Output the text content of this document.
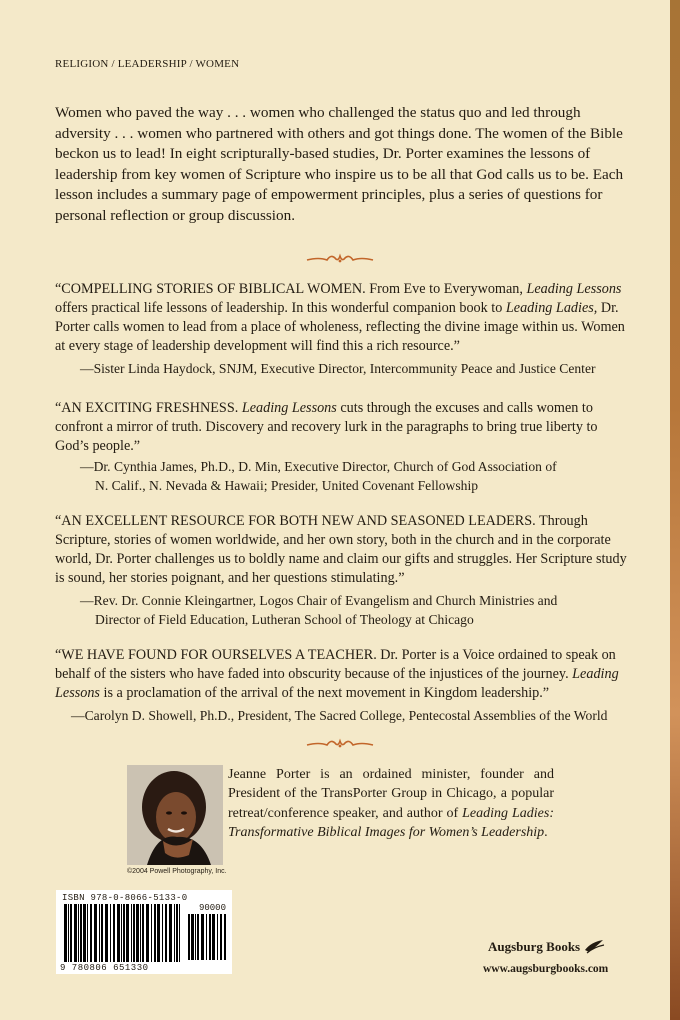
RELIGION / LEADERSHIP / WOMEN

Women who paved the way . . . women who challenged the status quo and led through adversity . . . women who partnered with others and got things done. The women of the Bible beckon us to lead! In eight scripturally-based studies, Dr. Porter examines the lessons of leadership from key women of Scripture who inspire us to be all that God calls us to be. Each lesson includes a summary page of empowerment principles, plus a series of questions for personal reflection or group discussion.

“COMPELLING STORIES OF BIBLICAL WOMEN. From Eve to Everywoman, Leading Lessons offers practical life lessons of leadership. In this wonderful companion book to Leading Ladies, Dr. Porter calls women to lead from a place of wholeness, reflecting the divine image within us. Women at every stage of leadership development will find this a rich resource.”

—Sister Linda Haydock, SNJM, Executive Director, Intercommunity Peace and Justice Center

“AN EXCITING FRESHNESS. Leading Lessons cuts through the excuses and calls women to confront a mirror of truth. Discovery and recovery lurk in the paragraphs to bring true liberty to God’s people.”

—Dr. Cynthia James, Ph.D., D. Min, Executive Director, Church of God Association of
N. Calif., N. Nevada & Hawaii; Presider, United Covenant Fellowship

“AN EXCELLENT RESOURCE FOR BOTH NEW AND SEASONED LEADERS. Through Scripture, stories of women worldwide, and her own story, both in the church and in the corporate world, Dr. Porter challenges us to boldly name and claim our gifts and struggles. Her Scripture study is sound, her stories poignant, and her questions stimulating.”

—Rev. Dr. Connie Kleingartner, Logos Chair of Evangelism and Church Ministries and
Director of Field Education, Lutheran School of Theology at Chicago

“WE HAVE FOUND FOR OURSELVES A TEACHER. Dr. Porter is a Voice ordained to speak on behalf of the sisters who have faded into obscurity because of the injustices of the journey. Leading Lessons is a proclamation of the arrival of the next movement in Kingdom leadership.”

—Carolyn D. Showell, Ph.D., President, The Sacred College, Pentecostal Assemblies of the World

©2004 Powell Photography, Inc.

Jeanne Porter is an ordained minister, founder and President of the TransPorter Group in Chicago, a popular retreat/conference speaker, and author of Leading Ladies: Transformative Biblical Images for Women’s Leadership.

ISBN 978-0-8066-5133-0
90000
9 780806 651330
Augsburg Books
www.augsburgbooks.com
